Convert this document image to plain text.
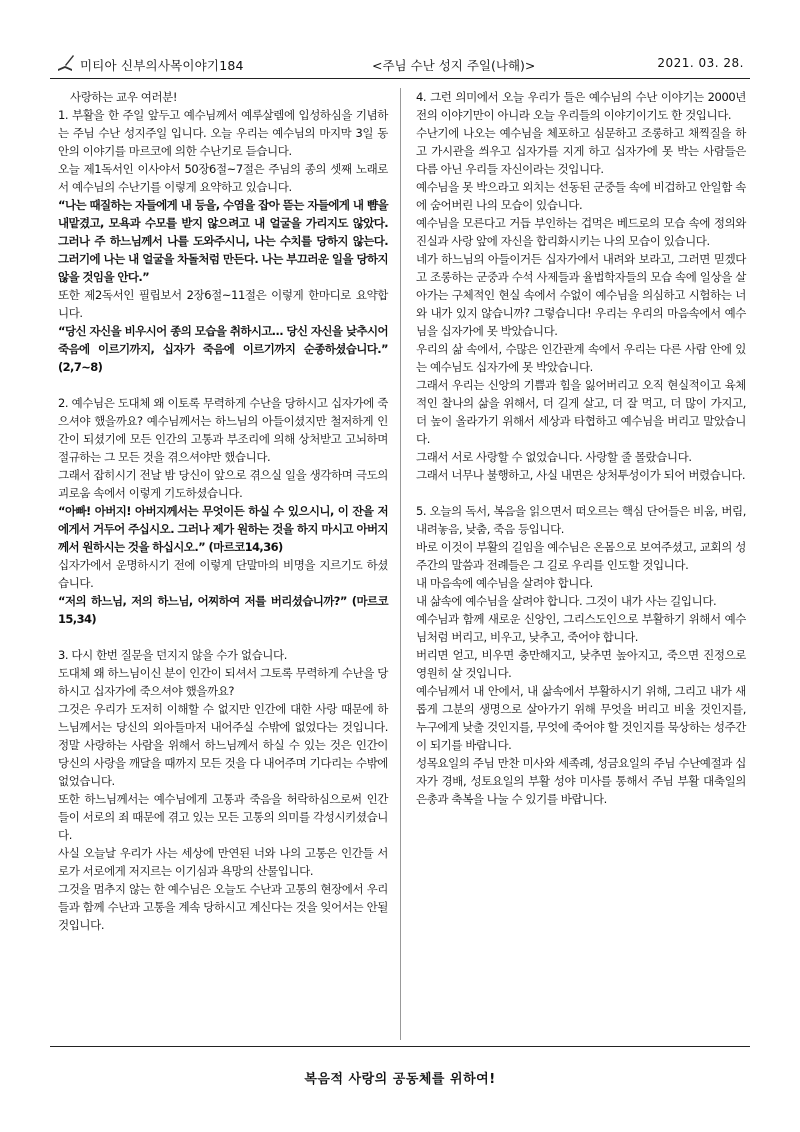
미티아 신부의사목이야기184	<주님 수난 성지 주일(나해)>	2021. 03. 28.

사랑하는 교우 여러분!

1. 부활을 한 주일 앞두고 예수님께서 예루살렘에 입성하심을 기념하는 주님 수난 성지주일 입니다. 오늘 우리는 예수님의 마지막 3일 동안의 이야기를 마르코에 의한 수난기로 듣습니다.

오늘 제1독서인 이사야서 50장6절~7절은 주님의 종의 셋째 노래로서 예수님의 수난기를 이렇게 요약하고 있습니다.

“나는 때질하는 자들에게 내 등을, 수염을 잡아 뜯는 자들에게 내 뺨을 내맡겼고, 모욕과 수모를 받지 않으려고 내 얼굴을 가리지도 않았다. 그러나 주 하느님께서 나를 도와주시니, 나는 수치를 당하지 않는다. 그러기에 나는 내 얼굴을 차돌처럼 만든다. 나는 부끄러운 일을 당하지 않을 것임을 안다.”

또한 제2독서인 필립보서 2장6절~11절은 이렇게 한마디로 요약합니다.

“당신 자신을 비우시어 종의 모습을 취하시고… 당신 자신을 낮추시어 죽음에 이르기까지, 십자가 죽음에 이르기까지 순종하셨습니다.” (2,7~8)

2. 예수님은 도대체 왜 이토록 무력하게 수난을 당하시고 십자가에 죽으셔야 했을까요? 예수님께서는 하느님의 아들이셨지만 철저하게 인간이 되셨기에 모든 인간의 고통과 부조리에 의해 상처받고 고뇌하며 절규하는 그 모든 것을 겪으셔야만 했습니다.

그래서 잡히시기 전날 밤 당신이 앞으로 겪으실 일을 생각하며 극도의 괴로움 속에서 이렇게 기도하셨습니다.

“아빠! 아버지! 아버지께서는 무엇이든 하실 수 있으시니, 이 잔을 저에게서 거두어 주십시오. 그러나 제가 원하는 것을 하지 마시고 아버지께서 원하시는 것을 하십시오.” (마르코14,36)

십자가에서 운명하시기 전에 이렇게 단말마의 비명을 지르기도 하셨습니다.

“저의 하느님, 저의 하느님, 어찌하여 저를 버리셨습니까?” (마르코15,34)

3. 다시 한번 질문을 던지지 않을 수가 없습니다.

도대체 왜 하느님이신 분이 인간이 되셔서 그토록 무력하게 수난을 당하시고 십자가에 죽으셔야 했을까요?

그것은 우리가 도저히 이해할 수 없지만 인간에 대한 사랑 때문에 하느님께서는 당신의 외아들마저 내어주실 수밖에 없었다는 것입니다. 정말 사랑하는 사람을 위해서 하느님께서 하실 수 있는 것은 인간이 당신의 사랑을 깨달을 때까지 모든 것을 다 내어주며 기다리는 수밖에 없었습니다.

또한 하느님께서는 예수님에게 고통과 죽음을 허락하심으로써 인간들이 서로의 죄 때문에 겪고 있는 모든 고통의 의미를 각성시키셨습니다.

사실 오늘날 우리가 사는 세상에 만연된 너와 나의 고통은 인간들 서로가 서로에게 저지르는 이기심과 욕망의 산물입니다.

그것을 멈추지 않는 한 예수님은 오늘도 수난과 고통의 현장에서 우리들과 함께 수난과 고통을 계속 당하시고 계신다는 것을 잊어서는 안될 것입니다.

4. 그런 의미에서 오늘 우리가 들은 예수님의 수난 이야기는 2000년 전의 이야기만이 아니라 오늘 우리들의 이야기이기도 한 것입니다.

수난기에 나오는 예수님을 체포하고 심문하고 조롱하고 채찍질을 하고 가시관을 씌우고 십자가를 지게 하고 십자가에 못 박는 사람들은 다름 아닌 우리들 자신이라는 것입니다.

예수님을 못 박으라고 외치는 선동된 군중들 속에 비겁하고 안일함 속에 숨어버린 나의 모습이 있습니다.

예수님을 모른다고 거듭 부인하는 겁먹은 베드로의 모습 속에 정의와 진실과 사랑 앞에 자신을 합리화시키는 나의 모습이 있습니다.

네가 하느님의 아들이거든 십자가에서 내려와 보라고, 그러면 믿겠다고 조롱하는 군중과 수석 사제들과 율법학자들의 모습 속에 일상을 살아가는 구체적인 현실 속에서 수없이 예수님을 의심하고 시험하는 너와 내가 있지 않습니까? 그렇습니다! 우리는 우리의 마음속에서 예수님을 십자가에 못 박았습니다.

우리의 삶 속에서, 수많은 인간관계 속에서 우리는 다른 사람 안에 있는 예수님도 십자가에 못 박았습니다.

그래서 우리는 신앙의 기쁨과 힘을 잃어버리고 오직 현실적이고 육체적인 찰나의 삶을 위해서, 더 길게 살고, 더 잘 먹고, 더 많이 가지고, 더 높이 올라가기 위해서 세상과 타협하고 예수님을 버리고 말았습니다.

그래서 서로 사랑할 수 없었습니다. 사랑할 줄 몰랐습니다.

그래서 너무나 불행하고, 사실 내면은 상처투성이가 되어 버렸습니다.

5. 오늘의 독서, 복음을 읽으면서 떠오르는 핵심 단어들은 비움, 버림, 내려놓음, 낮춤, 죽음 등입니다.

바로 이것이 부활의 길임을 예수님은 온몸으로 보여주셨고, 교회의 성주간의 말씀과 전례들은 그 길로 우리를 인도할 것입니다.

내 마음속에 예수님을 살려야 합니다.

내 삶속에 예수님을 살려야 합니다. 그것이 내가 사는 길입니다.

예수님과 함께 새로운 신앙인, 그리스도인으로 부활하기 위해서 예수님처럼 버리고, 비우고, 낮추고, 죽어야 합니다.

버리면 얻고, 비우면 충만해지고, 낮추면 높아지고, 죽으면 진정으로 영원히 살 것입니다.

예수님께서 내 안에서, 내 삶속에서 부활하시기 위해, 그리고 내가 새롭게 그분의 생명으로 살아가기 위해 무엇을 버리고 비울 것인지를, 누구에게 낮출 것인지를, 무엇에 죽어야 할 것인지를 묵상하는 성주간이 되기를 바랍니다.

성목요일의 주님 만찬 미사와 세족례, 성금요일의 주님 수난예절과 십자가 경배, 성토요일의 부활 성야 미사를 통해서 주님 부활 대축일의 은총과 축복을 나눌 수 있기를 바랍니다.

복음적 사랑의 공동체를 위하여!
